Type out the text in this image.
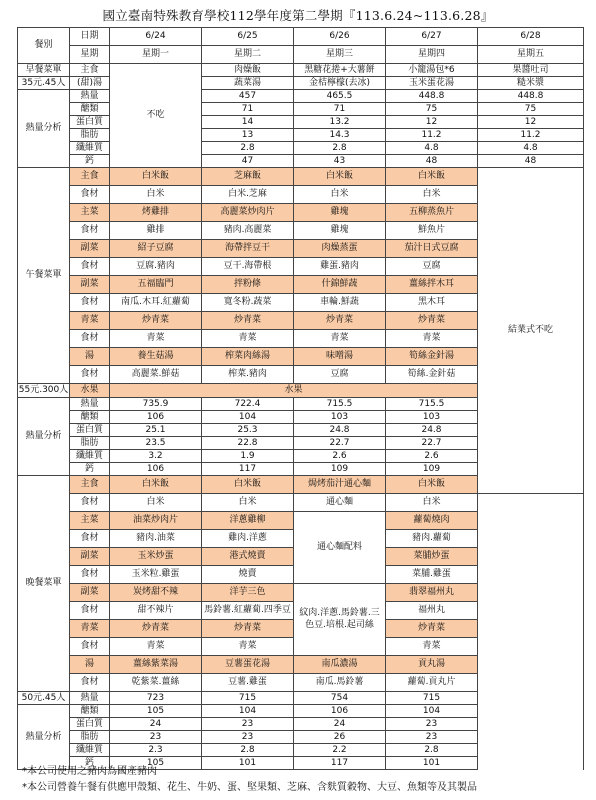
國立臺南特殊教育學校112學年度第二學期『113.6.24~113.6.28』
餐別	日期	6/24	6/25	6/26	6/27	6/28	
	星期	星期一	星期二	星期三	星期四	星期五	
早餐菜單	主食	不吃	肉燥飯	黑糖花捲+大薯餅	小籠湯包*6	果醬吐司	
35元.45人	(甜)湯		蔬菜湯	金桔檸檬(去冰)	玉米蛋花湯	糙米漿	
熱量分析	熱量		457	465.5	448.8	448.8	
	醣類		71	71	75	75	
	蛋白質		14	13.2	12	12	
	脂肪		13	14.3	11.2	11.2	
	纖維質		2.8	2.8	4.8	4.8	
	鈣		47	43	48	48	
午餐菜單	主食	白米飯	芝麻飯	白米飯	白米飯	結業式不吃	
	食材	白米	白米.芝麻	白米	白米		
	主菜	烤雞排	高麗菜炒肉片	雞塊	五柳蒸魚片		
	食材	雞排	豬肉.高麗菜	雞塊	鮮魚片		
	副菜	紹子豆腐	海帶拌豆干	肉燥蒸蛋	茄汁日式豆腐		
	食材	豆腐.豬肉	豆干.海帶根	雞蛋.豬肉	豆腐		
	副菜	五福臨門	拌粉條	什錦鮮蔬	薑絲拌木耳		
	食材	南瓜.木耳.紅蘿蔔	寬冬粉.蔬菜	車輪.鮮蔬	黑木耳		
	青菜	炒青菜	炒青菜	炒青菜	炒青菜		
	食材	青菜	青菜	青菜	青菜		
	湯	養生菇湯	榨菜肉絲湯	味噌湯	筍絲金針湯		
	食材	高麗菜.鮮菇	榨菜.豬肉	豆腐	筍絲.金針菇		
55元.300人	水果	水果					
熱量分析	熱量	735.9	722.4	715.5	715.5		
	醣類	106	104	103	103		
	蛋白質	25.1	25.3	24.8	24.8		
	脂肪	23.5	22.8	22.7	22.7		
	纖維質	3.2	1.9	2.6	2.6		
	鈣	106	117	109	109		
晚餐菜單	主食	白米飯	白米飯	焗烤茄汁通心麵	白米飯	
	食材	白米	白米	通心麵	白米		
	主菜	油菜炒肉片	洋蔥雞柳	通心麵配料	蘿蔔燒肉		
	食材	豬肉.油菜	雞肉.洋蔥		豬肉.蘿蔔		
	副菜	玉米炒蛋	港式燒賣		菜脯炒蛋		
	食材	玉米粒.雞蛋	燒賣		菜脯.雞蛋		
	副菜	炭烤甜不辣	洋芋三色	紋肉.洋蔥.馬鈴薯.三
色豆.培根.起司絲	翡翠福州丸		
	食材	甜不辣片	馬鈴薯.紅蘿蔔.四季豆		福州丸		
	青菜	炒青菜	炒青菜		炒青菜		
	食材	青菜	青菜		青菜		
	湯	薑絲紫菜湯	豆薯蛋花湯	南瓜濃湯	貢丸湯		
	食材	乾紫菜.薑絲	豆薯.雞蛋	南瓜.馬鈴薯	蘿蔔.貢丸片		
50元.45人	熱量	723	715	754	715		
熱量分析	醣類	105	104	106	104		
	蛋白質	24	23	24	23		
	脂肪	23	23	26	23		
	纖維質	2.3	2.8	2.2	2.8		
	鈣	105	101	117	101		
*本公司使用之豬肉為國產豬肉
*本公司營養午餐有供應甲殼類、花生、牛奶、蛋、堅果類、芝麻、含麩質穀物、大豆、魚類等及其製品
